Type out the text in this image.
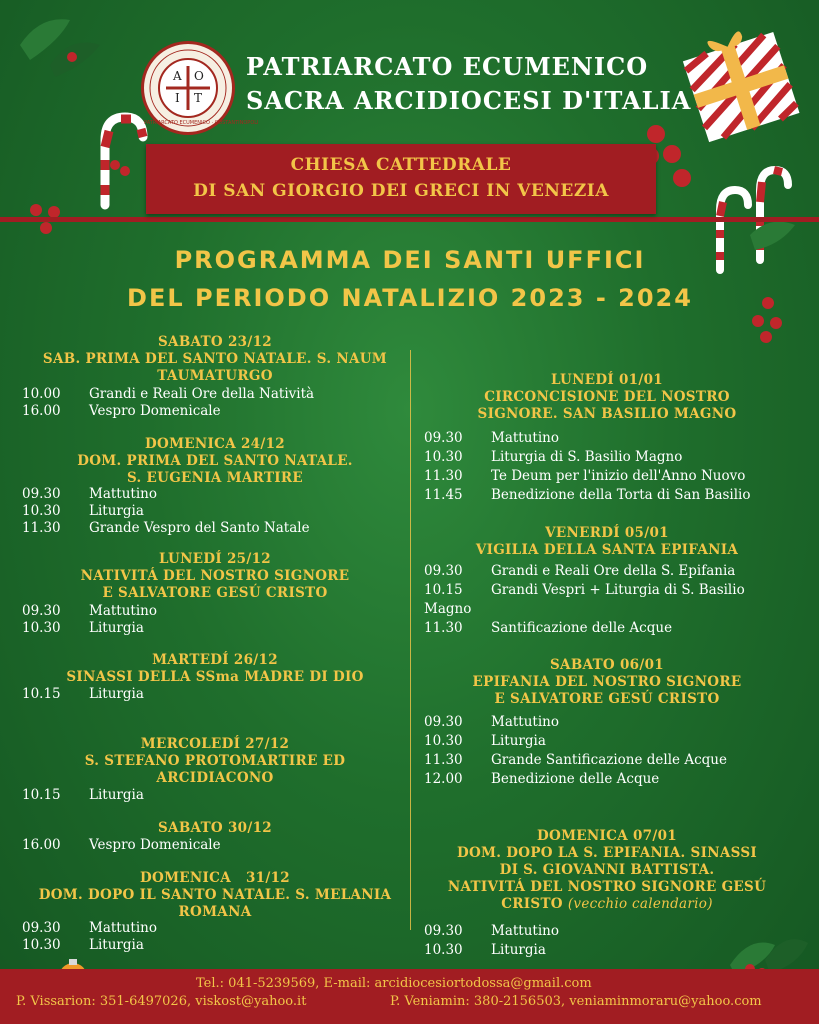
A O
I T
PATRIARCATO ECUMENICO · COSTANTINOPOLI
PATRIARCATO ECUMENICO
SACRA ARCIDIOCESI D'ITALIA
CHIESA CATTEDRALE
DI SAN GIORGIO DEI GRECI IN VENEZIA
PROGRAMMA DEI SANTI UFFICI
DEL PERIODO NATALIZIO 2023 - 2024
SABATO 23/12
SAB. PRIMA DEL SANTO NATALE. S. NAUM
TAUMATURGO
10.00 Grandi e Reali Ore della Natività
16.00 Vespro Domenicale
DOMENICA 24/12
DOM. PRIMA DEL SANTO NATALE.
S. EUGENIA MARTIRE
09.30 Mattutino
10.30 Liturgia
11.30 Grande Vespro del Santo Natale
LUNEDÍ 25/12
NATIVITÁ DEL NOSTRO SIGNORE
E SALVATORE GESÚ CRISTO
09.30 Mattutino
10.30 Liturgia
MARTEDÍ 26/12
SINASSI DELLA SSma MADRE DI DIO
10.15 Liturgia
MERCOLEDÍ 27/12
S. STEFANO PROTOMARTIRE ED
ARCIDIACONO
10.15 Liturgia
SABATO 30/12
16.00 Vespro Domenicale
DOMENICA   31/12
DOM. DOPO IL SANTO NATALE. S. MELANIA
ROMANA
09.30 Mattutino
10.30 Liturgia
LUNEDÍ 01/01
CIRCONCISIONE DEL NOSTRO
SIGNORE. SAN BASILIO MAGNO
09.30 Mattutino
10.30 Liturgia di S. Basilio Magno
11.30 Te Deum per l'inizio dell'Anno Nuovo
11.45 Benedizione della Torta di San Basilio
VENERDÍ 05/01
VIGILIA DELLA SANTA EPIFANIA
09.30 Grandi e Reali Ore della S. Epifania
10.15 Grandi Vespri + Liturgia di S. Basilio
Magno
11.30 Santificazione delle Acque
SABATO 06/01
EPIFANIA DEL NOSTRO SIGNORE
E SALVATORE GESÚ CRISTO
09.30 Mattutino
10.30 Liturgia
11.30 Grande Santificazione delle Acque
12.00 Benedizione delle Acque
DOMENICA 07/01
DOM. DOPO LA S. EPIFANIA. SINASSI
DI S. GIOVANNI BATTISTA.
NATIVITÁ DEL NOSTRO SIGNORE GESÚ
CRISTO (vecchio calendario)
09.30 Mattutino
10.30 Liturgia
Tel.: 041-5239569, E-mail: arcidiocesiortodossa@gmail.com
P. Vissarion: 351-6497026, viskost@yahoo.it	P. Veniamin: 380-2156503, veniaminmoraru@yahoo.com
